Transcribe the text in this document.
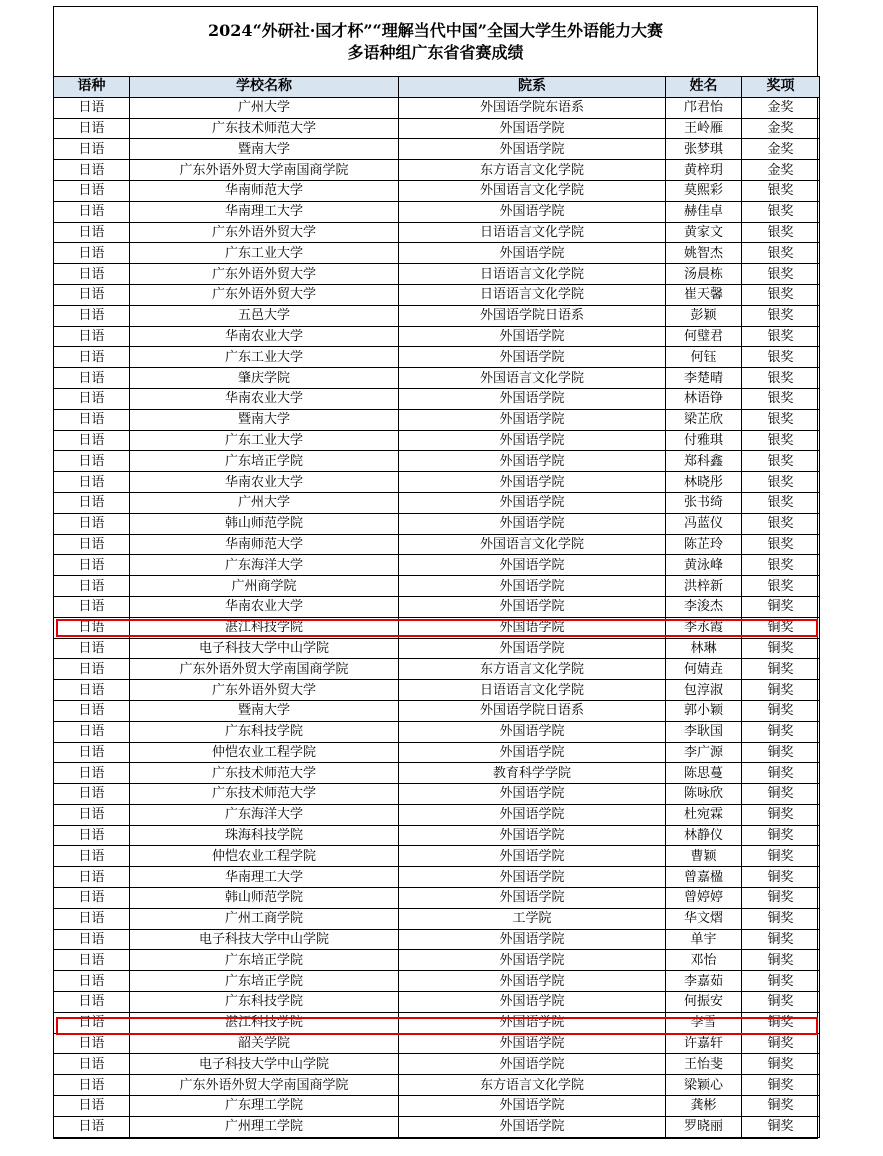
2024“外研社·国才杯”“理解当代中国”全国大学生外语能力大赛
多语种组广东省省赛成绩
语种	学校名称	院系	姓名	奖项
日语	广州大学	外国语学院东语系	邝君怡	金奖
日语	广东技术师范大学	外国语学院	王岭雁	金奖
日语	暨南大学	外国语学院	张梦琪	金奖
日语	广东外语外贸大学南国商学院	东方语言文化学院	黄梓玥	金奖
日语	华南师范大学	外国语言文化学院	莫熙彩	银奖
日语	华南理工大学	外国语学院	赫佳卓	银奖
日语	广东外语外贸大学	日语语言文化学院	黄家文	银奖
日语	广东工业大学	外国语学院	姚智杰	银奖
日语	广东外语外贸大学	日语语言文化学院	汤晨栋	银奖
日语	广东外语外贸大学	日语语言文化学院	崔天馨	银奖
日语	五邑大学	外国语学院日语系	彭颖	银奖
日语	华南农业大学	外国语学院	何璧君	银奖
日语	广东工业大学	外国语学院	何钰	银奖
日语	肇庆学院	外国语言文化学院	李楚晴	银奖
日语	华南农业大学	外国语学院	林语铮	银奖
日语	暨南大学	外国语学院	梁芷欣	银奖
日语	广东工业大学	外国语学院	付雅琪	银奖
日语	广东培正学院	外国语学院	郑科鑫	银奖
日语	华南农业大学	外国语学院	林晓彤	银奖
日语	广州大学	外国语学院	张书绮	银奖
日语	韩山师范学院	外国语学院	冯蓝仪	银奖
日语	华南师范大学	外国语言文化学院	陈芷玲	银奖
日语	广东海洋大学	外国语学院	黄泳峰	银奖
日语	广州商学院	外国语学院	洪梓新	银奖
日语	华南农业大学	外国语学院	李浚杰	铜奖
日语	湛江科技学院	外国语学院	李永霞	铜奖
日语	电子科技大学中山学院	外国语学院	林琳	铜奖
日语	广东外语外贸大学南国商学院	东方语言文化学院	何婧垚	铜奖
日语	广东外语外贸大学	日语语言文化学院	包淳淑	铜奖
日语	暨南大学	外国语学院日语系	郭小颖	铜奖
日语	广东科技学院	外国语学院	李耿国	铜奖
日语	仲恺农业工程学院	外国语学院	李广源	铜奖
日语	广东技术师范大学	教育科学学院	陈思蔓	铜奖
日语	广东技术师范大学	外国语学院	陈咏欣	铜奖
日语	广东海洋大学	外国语学院	杜宛霖	铜奖
日语	珠海科技学院	外国语学院	林静仪	铜奖
日语	仲恺农业工程学院	外国语学院	曹颖	铜奖
日语	华南理工大学	外国语学院	曾嘉楹	铜奖
日语	韩山师范学院	外国语学院	曾婷婷	铜奖
日语	广州工商学院	工学院	华文熠	铜奖
日语	电子科技大学中山学院	外国语学院	单宇	铜奖
日语	广东培正学院	外国语学院	邓怡	铜奖
日语	广东培正学院	外国语学院	李嘉茹	铜奖
日语	广东科技学院	外国语学院	何振安	铜奖
日语	湛江科技学院	外国语学院	李雪	铜奖
日语	韶关学院	外国语学院	许嘉轩	铜奖
日语	电子科技大学中山学院	外国语学院	王怡斐	铜奖
日语	广东外语外贸大学南国商学院	东方语言文化学院	梁颖心	铜奖
日语	广东理工学院	外国语学院	龚彬	铜奖
日语	广州理工学院	外国语学院	罗晓丽	铜奖
